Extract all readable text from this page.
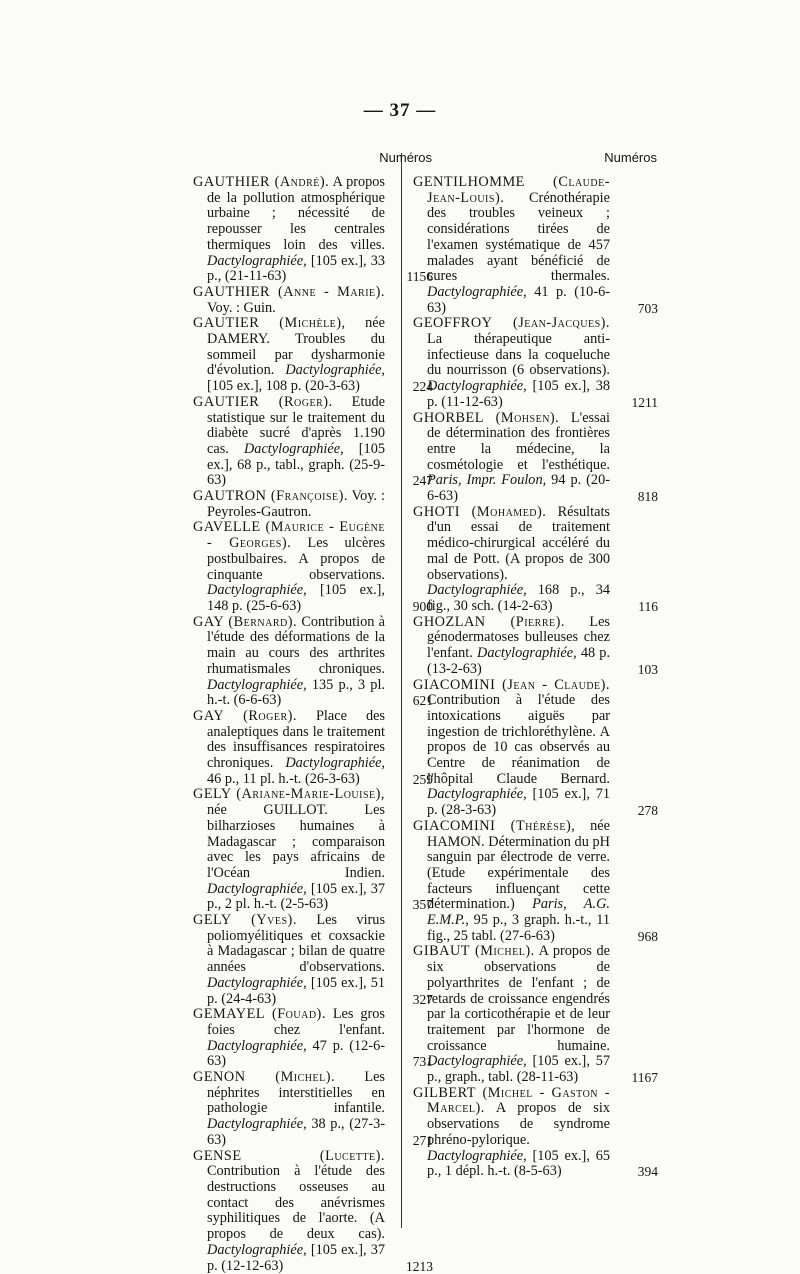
— 37 —
Numéros
GAUTHIER (André). A propos de la pollution atmosphérique urbaine ; nécessité de repousser les centrales thermiques loin des villes. Dactylographiée, [105 ex.], 33 p., (21-11-63)	1156
GAUTHIER (Anne - Marie). Voy. : Guin.
GAUTIER (Michèle), née DAMERY. Troubles du sommeil par dysharmonie d'évolution. Dactylographiée, [105 ex.], 108 p. (20-3-63)	224
GAUTIER (Roger). Etude statistique sur le traitement du diabète sucré d'après 1.190 cas. Dactylographiée, [105 ex.], 68 p., tabl., graph. (25-9-63)	247
GAUTRON (Françoise). Voy. : Peyroles-Gautron.
GAVELLE (Maurice - Eugène - Georges). Les ulcères postbulbaires. A propos de cinquante observations. Dactylographiée, [105 ex.], 148 p. (25-6-63)	900
GAY (Bernard). Contribution à l'étude des déformations de la main au cours des arthrites rhumatismales chroniques. Dactylographiée, 135 p., 3 pl. h.-t. (6-6-63)	621
GAY (Roger). Place des analeptiques dans le traitement des insuffisances respiratoires chroniques. Dactylographiée, 46 p., 11 pl. h.-t. (26-3-63)	259
GELY (Ariane-Marie-Louise), née GUILLOT. Les bilharzioses humaines à Madagascar ; comparaison avec les pays africains de l'Océan Indien. Dactylographiée, [105 ex.], 37 p., 2 pl. h.-t. (2-5-63)	357
GELY (Yves). Les virus poliomyélitiques et coxsackie à Madagascar ; bilan de quatre années d'observations. Dactylographiée, [105 ex.], 51 p. (24-4-63)	327
GEMAYEL (Fouad). Les gros foies chez l'enfant. Dactylographiée, 47 p. (12-6-63)	731
GENON (Michel). Les néphrites interstitielles en pathologie infantile. Dactylographiée, 38 p., (27-3-63)	271
GENSE (Lucette). Contribution à l'étude des destructions osseuses au contact des anévrismes syphilitiques de l'aorte. (A propos de deux cas). Dactylographiée, [105 ex.], 37 p. (12-12-63)	1213
Numéros
GENTILHOMME (Claude-Jean-Louis). Crénothérapie des troubles veineux ; considérations tirées de l'examen systématique de 457 malades ayant bénéficié de cures thermales. Dactylographiée, 41 p. (10-6-63)	703
GEOFFROY (Jean-Jacques). La thérapeutique anti-infectieuse dans la coqueluche du nourrisson (6 observations). Dactylographiée, [105 ex.], 38 p. (11-12-63)	1211
GHORBEL (Mohsen). L'essai de détermination des frontières entre la médecine, la cosmétologie et l'esthétique. Paris, Impr. Foulon, 94 p. (20-6-63)	818
GHOTI (Mohamed). Résultats d'un essai de traitement médico-chirurgical accéléré du mal de Pott. (A propos de 300 observations). Dactylographiée, 168 p., 34 fig., 30 sch. (14-2-63)	116
GHOZLAN (Pierre). Les génodermatoses bulleuses chez l'enfant. Dactylographiée, 48 p. (13-2-63)	103
GIACOMINI (Jean - Claude). Contribution à l'étude des intoxications aiguës par ingestion de trichloréthylène. A propos de 10 cas observés au Centre de réanimation de l'hôpital Claude Bernard. Dactylographiée, [105 ex.], 71 p. (28-3-63)	278
GIACOMINI (Thérèse), née HAMON. Détermination du pH sanguin par électrode de verre. (Etude expérimentale des facteurs influençant cette détermination.) Paris, A.G. E.M.P., 95 p., 3 graph. h.-t., 11 fig., 25 tabl. (27-6-63)	968
GIBAUT (Michel). A propos de six observations de polyarthrites de l'enfant ; de retards de croissance engendrés par la corticothérapie et de leur traitement par l'hormone de croissance humaine. Dactylographiée, [105 ex.], 57 p., graph., tabl. (28-11-63)	1167
GILBERT (Michel - Gaston - Marcel). A propos de six observations de syndrome phréno-pylorique. Dactylographiée, [105 ex.], 65 p., 1 dépl. h.-t. (8-5-63)	394
